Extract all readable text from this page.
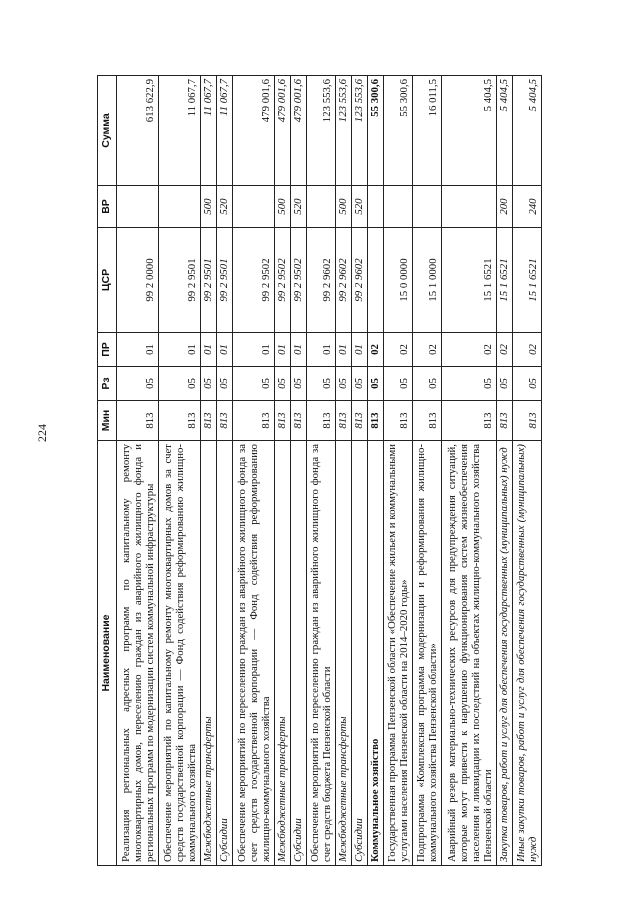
224
Наименование	Мин	Рз	ПР	ЦСР	ВР	Сумма
Реализация региональных адресных программ по капитальному ремонту многоквартирных домов, переселению граждан из аварийного жилищного фонда и региональных программ по модернизации систем коммунальной инфраструктуры	813	05	01	99 2 0000		613 622,9
Обеспечение мероприятий по капитальному ремонту многоквартирных домов за счет средств государственной корпорации — Фонд содействия реформированию жилищно-коммунального хозяйства	813	05	01	99 2 9501		11 067,7
Межбюджетные трансферты	813	05	01	99 2 9501	500	11 067,7
Субсидии	813	05	01	99 2 9501	520	11 067,7
Обеспечение мероприятий по переселению граждан из аварийного жилищного фонда за счет средств государственной корпорации — Фонд содействия реформированию жилищно-коммунального хозяйства	813	05	01	99 2 9502		479 001,6
Межбюджетные трансферты	813	05	01	99 2 9502	500	479 001,6
Субсидии	813	05	01	99 2 9502	520	479 001,6
Обеспечение мероприятий по переселению граждан из аварийного жилищного фонда за счет средств бюджета Пензенской области	813	05	01	99 2 9602		123 553,6
Межбюджетные трансферты	813	05	01	99 2 9602	500	123 553,6
Субсидии	813	05	01	99 2 9602	520	123 553,6
Коммунальное хозяйство	813	05	02			55 300,6
Государственная программа Пензенской области «Обеспечение жильем и коммунальными услугами населения Пензенской области на 2014–2020 годы»	813	05	02	15 0 0000		55 300,6
Подпрограмма «Комплексная программа модернизации и реформирования жилищно-коммунального хозяйства Пензенской области»	813	05	02	15 1 0000		16 011,5
Аварийный резерв материально-технических ресурсов для предупреждения ситуаций, которые могут привести к нарушению функционирования систем жизнеобеспечения населения и ликвидации их последствий на объектах жилищно-коммунального хозяйства Пензенской области	813	05	02	15 1 6521		5 404,5
Закупка товаров, работ и услуг для обеспечения государственных (муниципальных) нужд	813	05	02	15 1 6521	200	5 404,5
Иные закупки товаров, работ и услуг для обеспечения государственных (муниципальных) нужд	813	05	02	15 1 6521	240	5 404,5
